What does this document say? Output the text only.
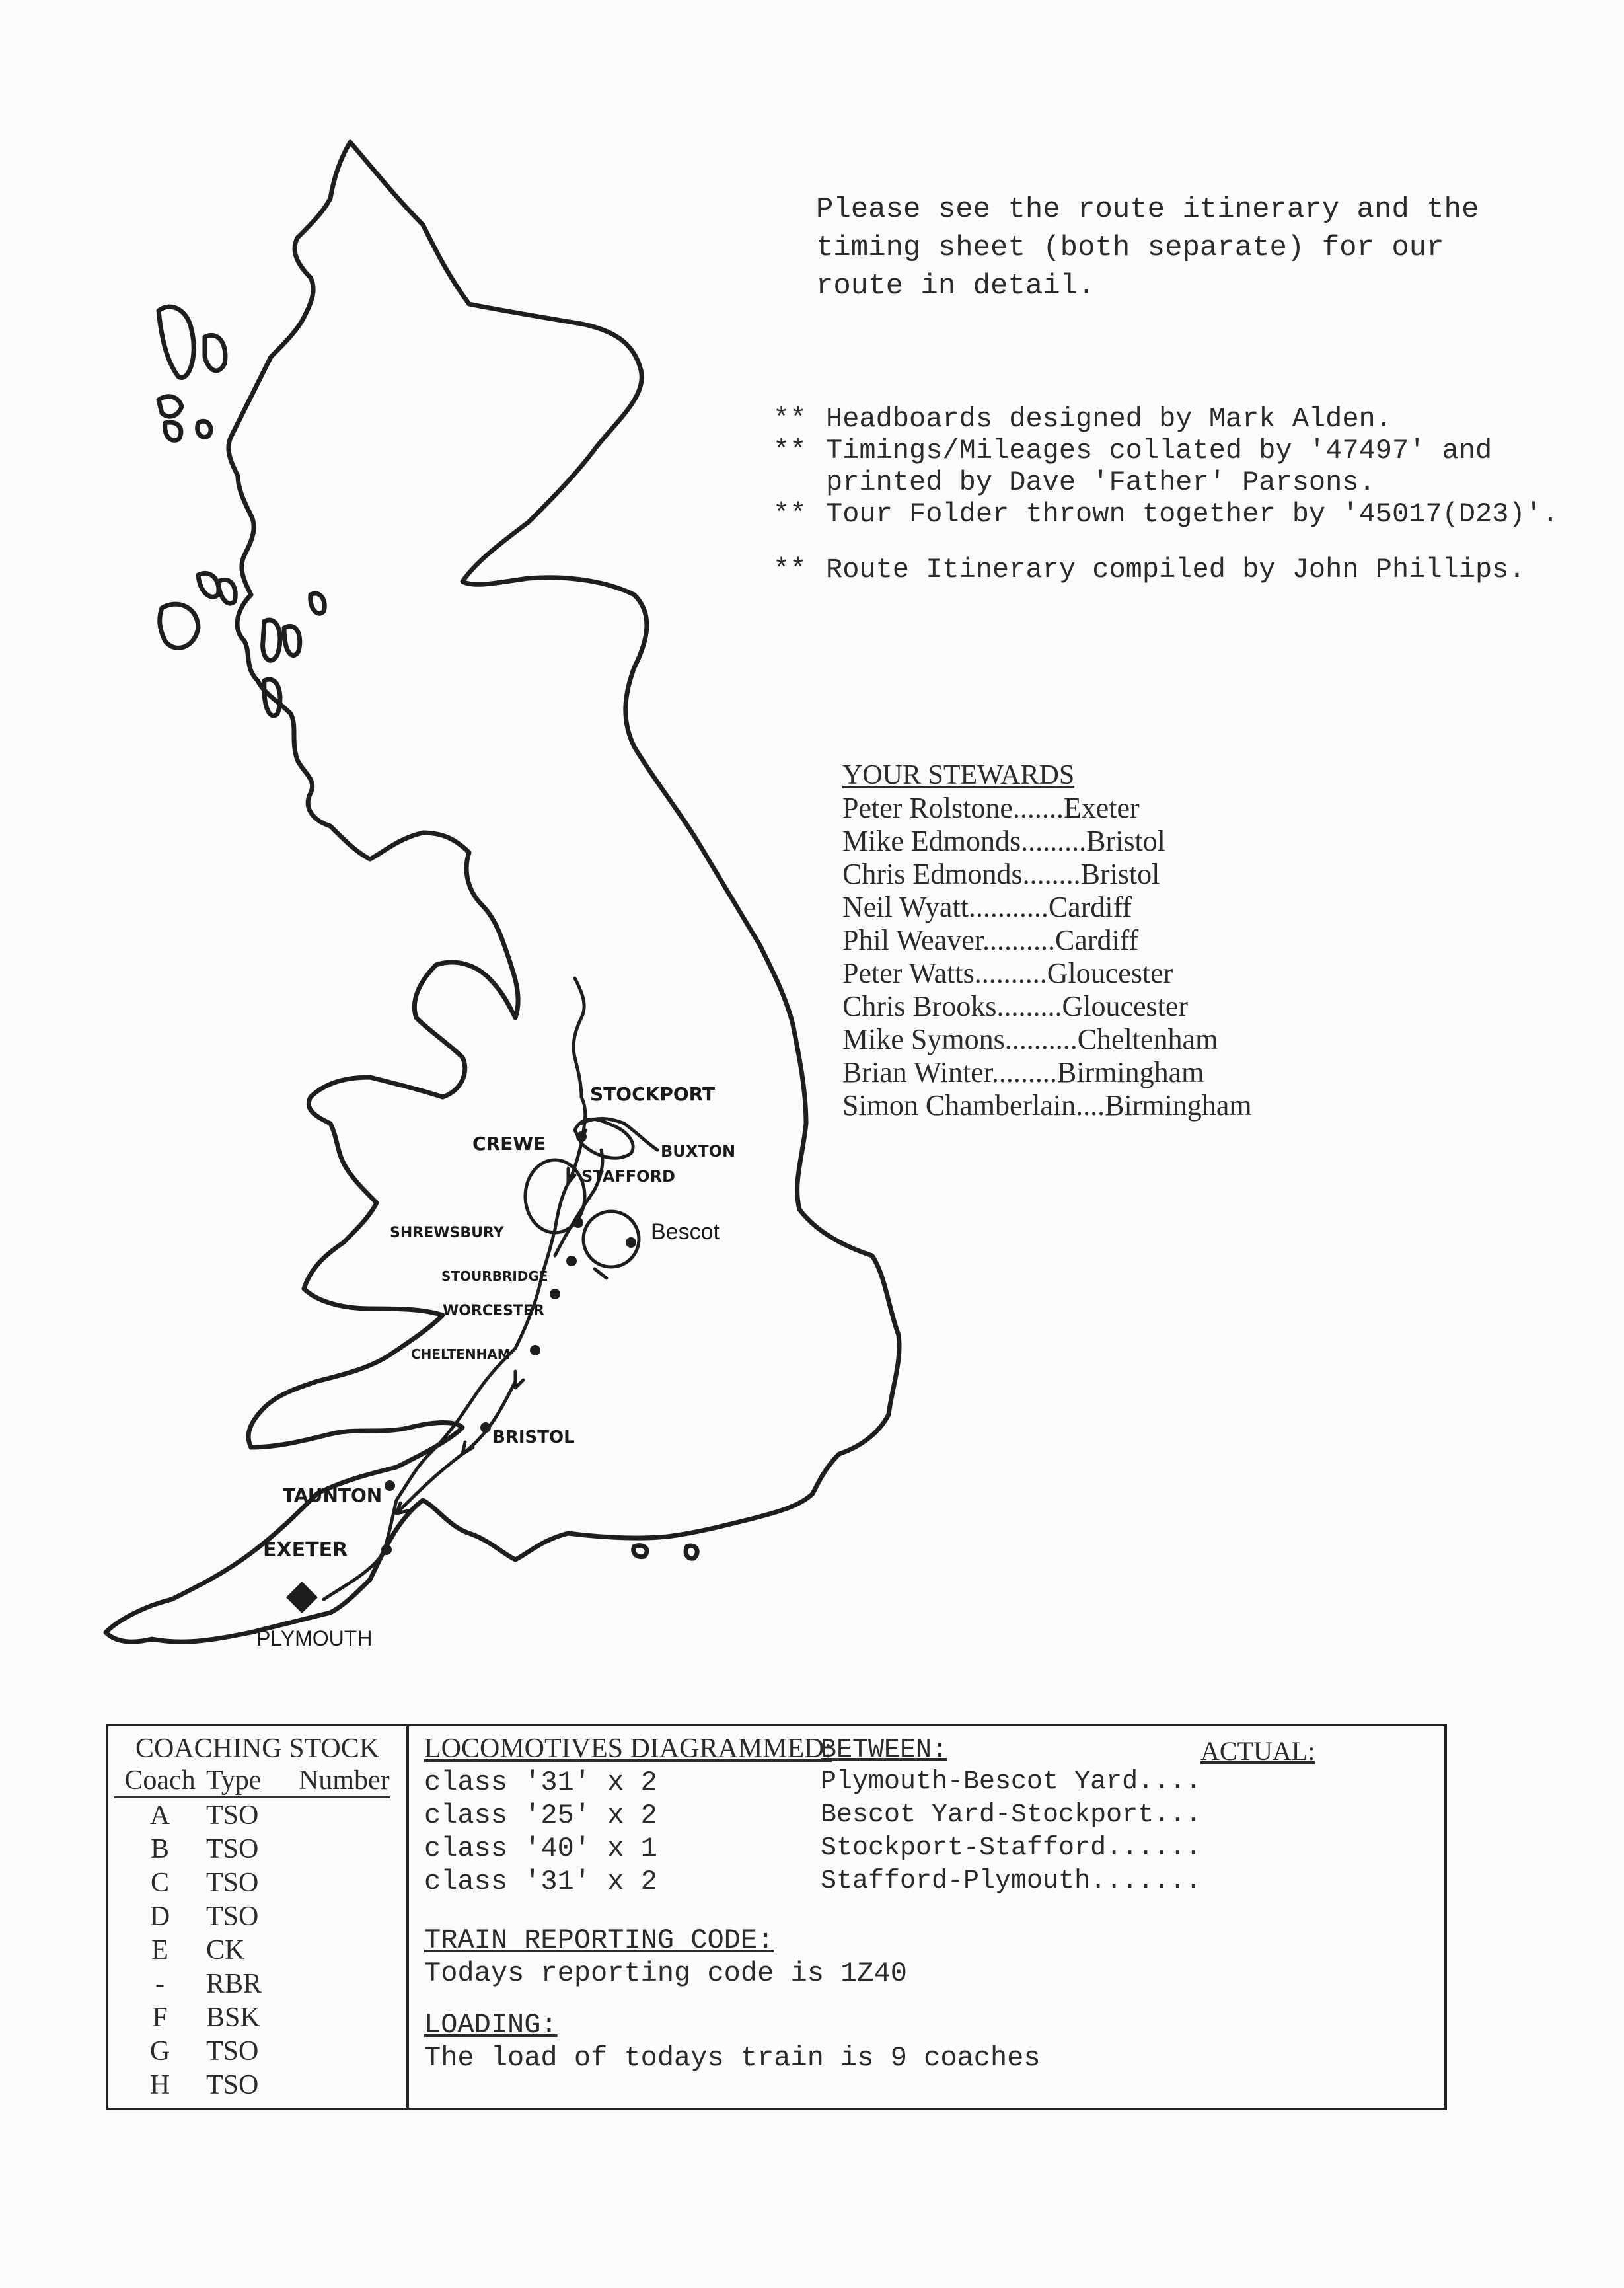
STOCKPORT
CREWE	BUXTON
STAFFORD
SHREWSBURY	Bescot
STOURBRIDGE
WORCESTER
CHELTENHAM
BRISTOL
TAUNTON
EXETER
PLYMOUTH

Please see the route itinerary and the

timing sheet (both separate) for our

route in detail.

** Headboards designed by Mark Alden.
** Timings/Mileages collated by '47497' and
printed by Dave 'Father' Parsons.
** Tour Folder thrown together by '45017(D23)'.
** Route Itinerary compiled by John Phillips.
YOUR STEWARDS
Peter Rolstone.......Exeter
Mike Edmonds.........Bristol
Chris Edmonds........Bristol
Neil Wyatt...........Cardiff
Phil Weaver..........Cardiff
Peter Watts..........Gloucester
Chris Brooks.........Gloucester
Mike Symons..........Cheltenham
Brian Winter.........Birmingham
Simon Chamberlain....Birmingham
COACHING STOCK
Coach Type	Number
A	TSO
B	TSO
C	TSO
D	TSO
E	CK
-	RBR
F	BSK
G	TSO
H	TSO
LOCOMOTIVES DIAGRAMMED:
BETWEEN:	ACTUAL:
class '31' x 2	Plymouth-Bescot Yard....
class '25' x 2	Bescot Yard-Stockport...
class '40' x 1	Stockport-Stafford......
class '31' x 2	Stafford-Plymouth.......
TRAIN REPORTING CODE:
Todays reporting code is 1Z40
LOADING:
The load of todays train is 9 coaches
